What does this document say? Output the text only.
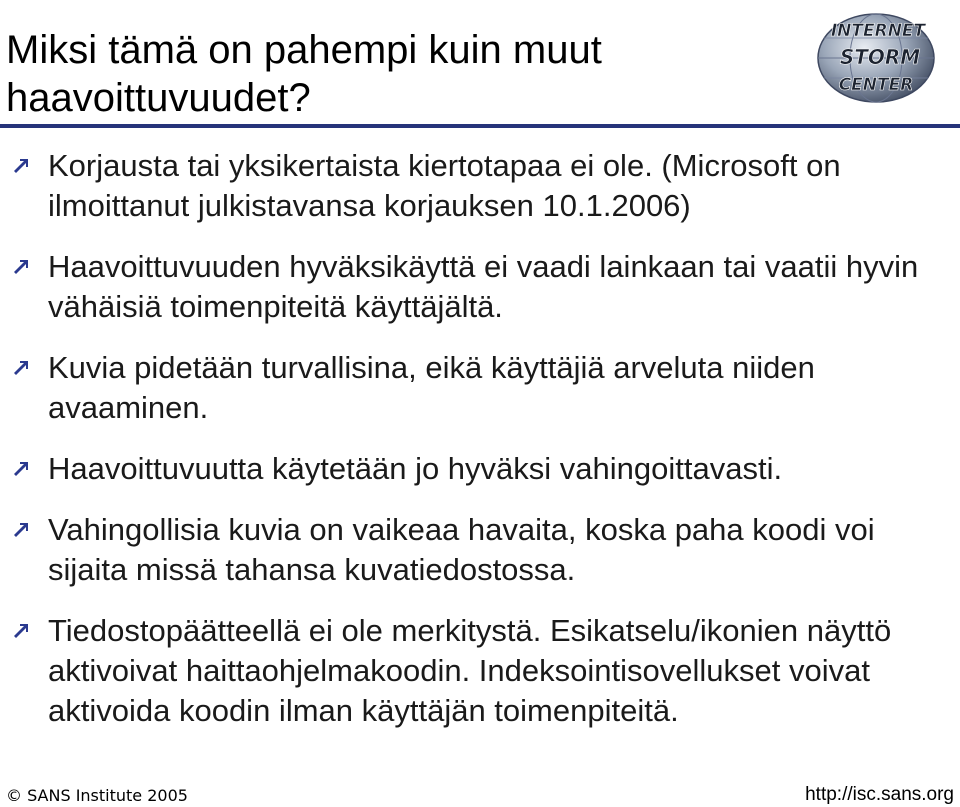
Miksi tämä on pahempi kuin muut haavoittuvuudet?
INTERNET
STORM
CENTER
Korjausta tai yksikertaista kiertotapaa ei ole. (Microsoft on ilmoittanut julkistavansa korjauksen 10.1.2006)
Haavoittuvuuden hyväksikäyttä ei vaadi lainkaan tai vaatii hyvin vähäisiä toimenpiteitä käyttäjältä.
Kuvia pidetään turvallisina, eikä käyttäjiä arveluta niiden avaaminen.
Haavoittuvuutta käytetään jo hyväksi vahingoittavasti.
Vahingollisia kuvia on vaikeaa havaita, koska paha koodi voi sijaita missä tahansa kuvatiedostossa.
Tiedostopäätteellä ei ole merkitystä. Esikatselu/ikonien näyttö aktivoivat haittaohjelmakoodin. Indeksointisovellukset voivat aktivoida koodin ilman käyttäjän toimenpiteitä.
© SANS Institute 2005	http://isc.sans.org
